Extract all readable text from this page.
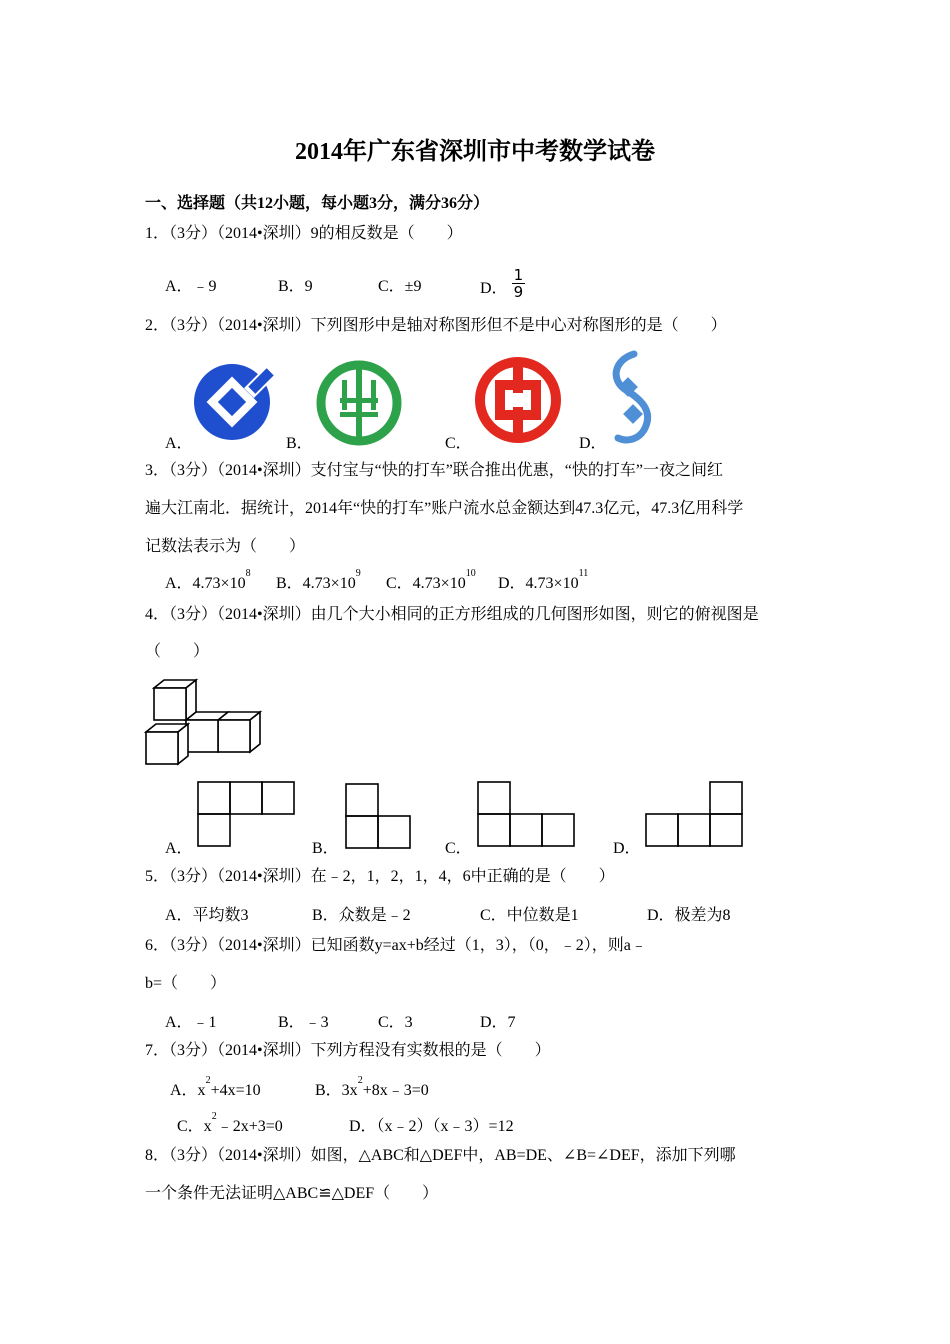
2014年广东省深圳市中考数学试卷
一、选择题（共12小题，每小题3分，满分36分）
1．（3分）（2014•深圳）9的相反数是（　　）
A．﹣9	B．9	C．±9	D． $\frac{1}{9}$
2．（3分）（2014•深圳）下列图形中是轴对称图形但不是中心对称图形的是（　　）
A．	B．	C．	D．
3．（3分）（2014•深圳）支付宝与“快的打车”联合推出优惠，“快的打车”一夜之间红
遍大江南北．据统计，2014年“快的打车”账户流水总金额达到47.3亿元，47.3亿用科学
记数法表示为（　　）
A．$4.73\times 10^8$
B．$4.73\times 10^9$
C．$4.73\times 10^{10}$
D．$4.73\times 10^{11}$
4．（3分）（2014•深圳）由几个大小相同的正方形组成的几何图形如图，则它的俯视图是
（　　）
A．	B．	C．	D．
5．（3分）（2014•深圳）在﹣2，1，2，1，4，6中正确的是（　　）
A．平均数3	B．众数是﹣2	C．中位数是1	D．极差为8
6．（3分）（2014•深圳）已知函数y=ax+b经过（1，3），（0，﹣2），则a﹣
b=（　　）
A．﹣1	B．﹣3	C．3	D．7
7．（3分）（2014•深圳）下列方程没有实数根的是（　　）
A．$x^2+4x=10$	B．$3x^2+8x﹣3=0$
C．$x^2﹣2x+3=0$	D．（x﹣2）（x﹣3）=12
8．（3分）（2014•深圳）如图，△ABC和△DEF中，AB=DE、∠B=∠DEF，添加下列哪
一个条件无法证明△ABC≌△DEF（　　）
